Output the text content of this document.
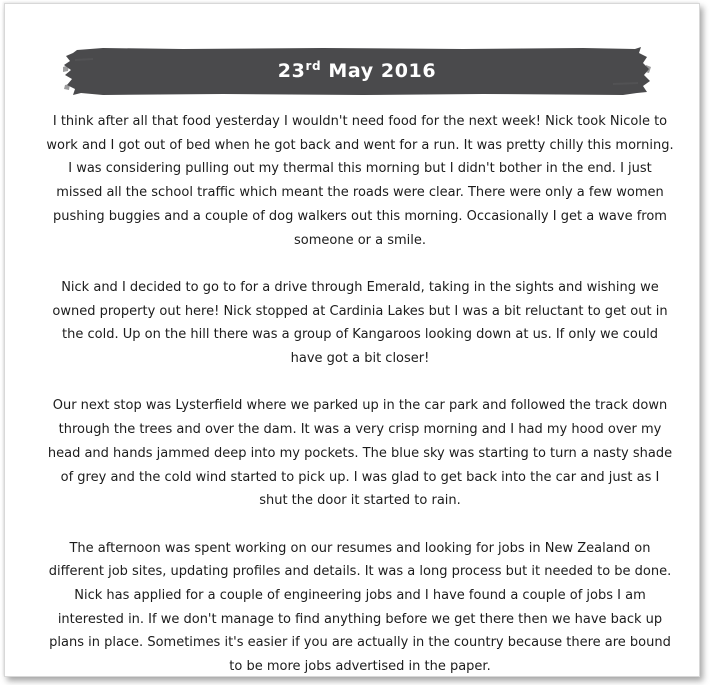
23rd May 2016

I think after all that food yesterday I wouldn't need food for the next week! Nick took Nicole to work and I got out of bed when he got back and went for a run. It was pretty chilly this morning. I was considering pulling out my thermal this morning but I didn't bother in the end. I just missed all the school traffic which meant the roads were clear. There were only a few women pushing buggies and a couple of dog walkers out this morning. Occasionally I get a wave from someone or a smile.

Nick and I decided to go to for a drive through Emerald, taking in the sights and wishing we owned property out here! Nick stopped at Cardinia Lakes but I was a bit reluctant to get out in the cold. Up on the hill there was a group of Kangaroos looking down at us. If only we could have got a bit closer!

Our next stop was Lysterfield where we parked up in the car park and followed the track down through the trees and over the dam. It was a very crisp morning and I had my hood over my head and hands jammed deep into my pockets. The blue sky was starting to turn a nasty shade of grey and the cold wind started to pick up. I was glad to get back into the car and just as I shut the door it started to rain.

The afternoon was spent working on our resumes and looking for jobs in New Zealand on different job sites, updating profiles and details. It was a long process but it needed to be done. Nick has applied for a couple of engineering jobs and I have found a couple of jobs I am interested in. If we don't manage to find anything before we get there then we have back up plans in place. Sometimes it's easier if you are actually in the country because there are bound to be more jobs advertised in the paper.
